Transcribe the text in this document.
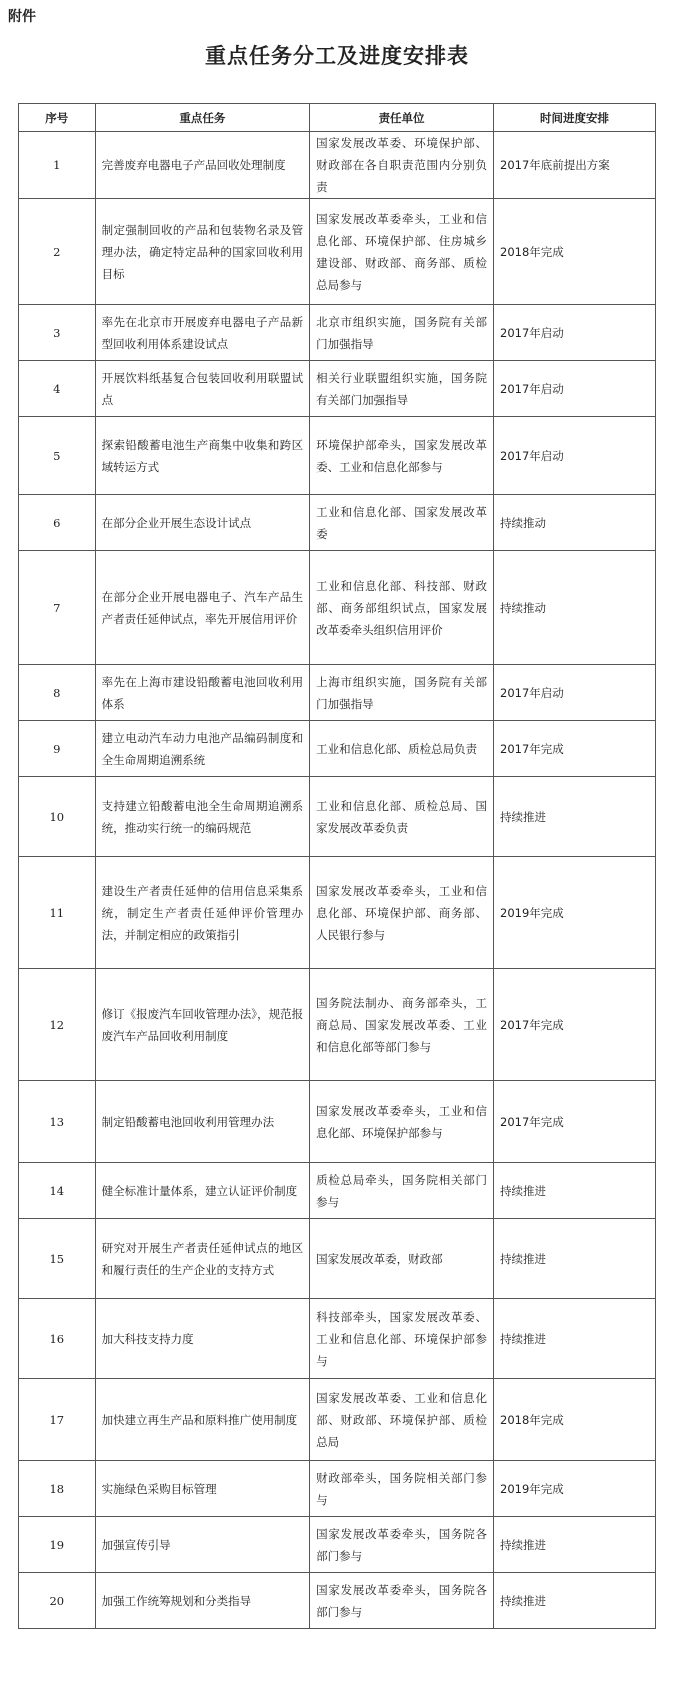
附件
重点任务分工及进度安排表
序号	重点任务	责任单位	时间进度安排
1	完善废弃电器电子产品回收处理制度	国家发展改革委、环境保护部、财政部在各自职责范围内分别负责	2017年底前提出方案
2	制定强制回收的产品和包装物名录及管理办法，确定特定品种的国家回收利用目标	国家发展改革委牵头，工业和信息化部、环境保护部、住房城乡建设部、财政部、商务部、质检总局参与	2018年完成
3	率先在北京市开展废弃电器电子产品新型回收利用体系建设试点	北京市组织实施，国务院有关部门加强指导	2017年启动
4	开展饮料纸基复合包装回收利用联盟试点	相关行业联盟组织实施，国务院有关部门加强指导	2017年启动
5	探索铅酸蓄电池生产商集中收集和跨区域转运方式	环境保护部牵头，国家发展改革委、工业和信息化部参与	2017年启动
6	在部分企业开展生态设计试点	工业和信息化部、国家发展改革委	持续推动
7	在部分企业开展电器电子、汽车产品生产者责任延伸试点，率先开展信用评价	工业和信息化部、科技部、财政部、商务部组织试点，国家发展改革委牵头组织信用评价	持续推动
8	率先在上海市建设铅酸蓄电池回收利用体系	上海市组织实施，国务院有关部门加强指导	2017年启动
9	建立电动汽车动力电池产品编码制度和全生命周期追溯系统	工业和信息化部、质检总局负责	2017年完成
10	支持建立铅酸蓄电池全生命周期追溯系统，推动实行统一的编码规范	工业和信息化部、质检总局、国家发展改革委负责	持续推进
11	建设生产者责任延伸的信用信息采集系统，制定生产者责任延伸评价管理办法，并制定相应的政策指引	国家发展改革委牵头，工业和信息化部、环境保护部、商务部、人民银行参与	2019年完成
12	修订《报废汽车回收管理办法》，规范报废汽车产品回收利用制度	国务院法制办、商务部牵头，工商总局、国家发展改革委、工业和信息化部等部门参与	2017年完成
13	制定铅酸蓄电池回收利用管理办法	国家发展改革委牵头，工业和信息化部、环境保护部参与	2017年完成
14	健全标准计量体系，建立认证评价制度	质检总局牵头，国务院相关部门参与	持续推进
15	研究对开展生产者责任延伸试点的地区和履行责任的生产企业的支持方式	国家发展改革委，财政部	持续推进
16	加大科技支持力度	科技部牵头，国家发展改革委、工业和信息化部、环境保护部参与	持续推进
17	加快建立再生产品和原料推广使用制度	国家发展改革委、工业和信息化部、财政部、环境保护部、质检总局	2018年完成
18	实施绿色采购目标管理	财政部牵头，国务院相关部门参与	2019年完成
19	加强宣传引导	国家发展改革委牵头，国务院各部门参与	持续推进
20	加强工作统筹规划和分类指导	国家发展改革委牵头，国务院各部门参与	持续推进
